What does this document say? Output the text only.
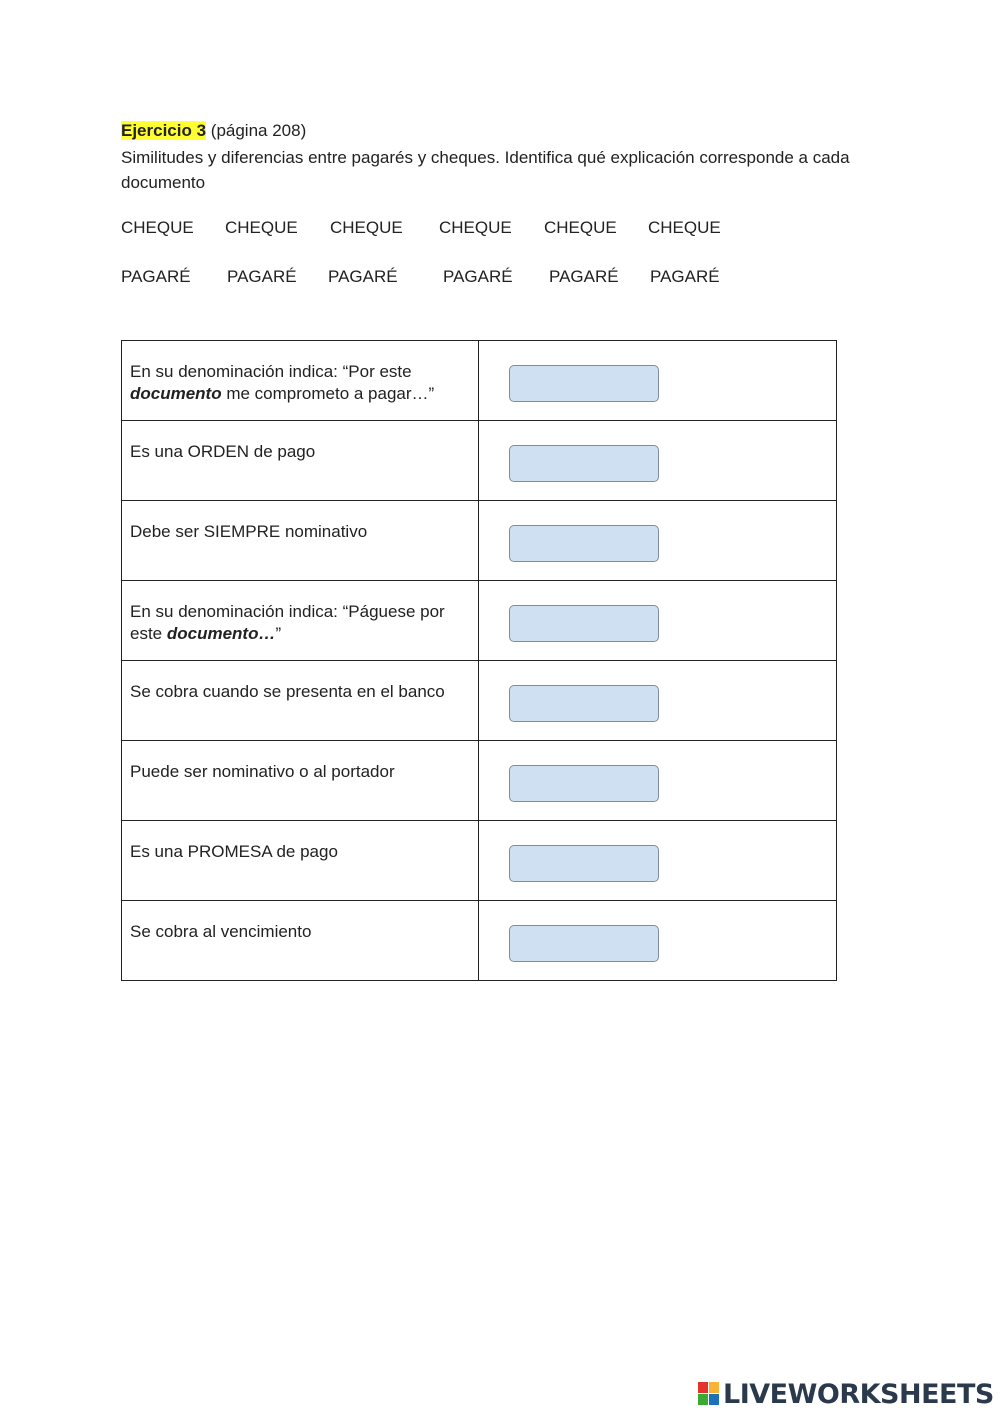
Ejercicio 3 (página 208)
Similitudes y diferencias entre pagarés y cheques. Identifica qué explicación corresponde a cada documento
CHEQUE CHEQUE CHEQUE CHEQUE CHEQUE CHEQUE
PAGARÉ PAGARÉ PAGARÉ	PAGARÉ PAGARÉ PAGARÉ
En su denominación indica: “Por este documento me comprometo a pagar…”	

Es una ORDEN de pago	

Debe ser SIEMPRE nominativo	

En su denominación indica: “Páguese por este documento…”	

Se cobra cuando se presenta en el banco	

Puede ser nominativo o al portador	

Es una PROMESA de pago	

Se cobra al vencimiento	
LIVEWORKSHEETS
